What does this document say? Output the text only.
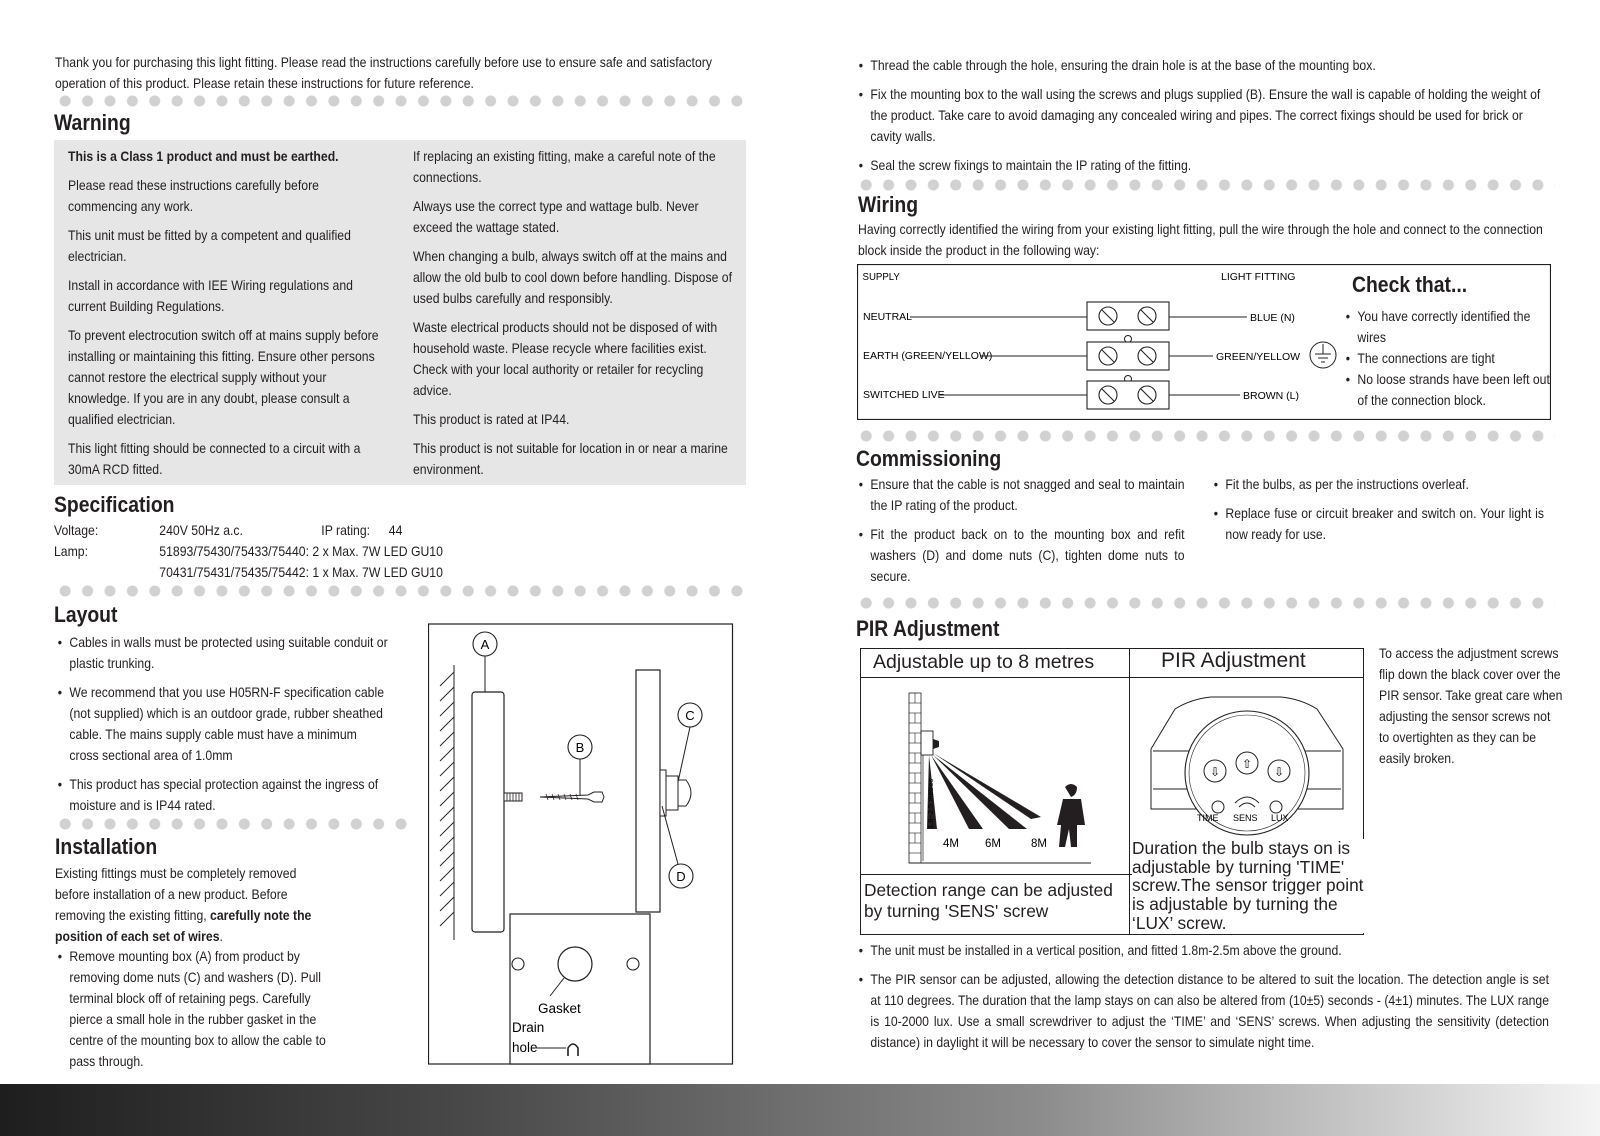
Thank you for purchasing this light fitting. Please read the instructions carefully before use to ensure safe and satisfactory operation of this product. Please retain these instructions for future reference.
Warning

This is a Class 1 product and must be earthed.

Please read these instructions carefully before commencing any work.

This unit must be fitted by a competent and qualified electrician.

Install in accordance with IEE Wiring regulations and current Building Regulations.

To prevent electrocution switch off at mains supply before installing or maintaining this fitting. Ensure other persons cannot restore the electrical supply without your knowledge. If you are in any doubt, please consult a qualified electrician.

This light fitting should be connected to a circuit with a 30mA RCD fitted.

If replacing an existing fitting, make a careful note of the connections.

Always use the correct type and wattage bulb. Never exceed the wattage stated.

When changing a bulb, always switch off at the mains and allow the old bulb to cool down before handling. Dispose of used bulbs carefully and responsibly.

Waste electrical products should not be disposed of with household waste. Please recycle where facilities exist. Check with your local authority or retailer for recycling advice.

This product is rated at IP44.

This product is not suitable for location in or near a marine environment.

Specification
Voltage:	240V 50Hz a.c.	IP rating: 44
Lamp:	51893/75430/75433/75440: 2 x Max. 7W LED GU10
70431/75431/75435/75442: 1 x Max. 7W LED GU10
Layout
• Cables in walls must be protected using suitable conduit or plastic trunking.
• We recommend that you use H05RN-F specification cable (not supplied) which is an outdoor grade, rubber sheathed cable. The mains supply cable must have a minimum cross sectional area of 1.0mm
• This product has special protection against the ingress of moisture and is IP44 rated.
Installation
Existing fittings must be completely removed before installation of a new product. Before removing the existing fitting, carefully note the position of each set of wires.
• Remove mounting box (A) from product by removing dome nuts (C) and washers (D). Pull terminal block off of retaining pegs. Carefully pierce a small hole in the rubber gasket in the centre of the mounting box to allow the cable to pass through.
A
B
C
D
Gasket
Drain
hole
• Thread the cable through the hole, ensuring the drain hole is at the base of the mounting box.
• Fix the mounting box to the wall using the screws and plugs supplied (B). Ensure the wall is capable of holding the weight of the product. Take care to avoid damaging any concealed wiring and pipes. The correct fixings should be used for brick or cavity walls.
• Seal the screw fixings to maintain the IP rating of the fitting.
Wiring
Having correctly identified the wiring from your existing light fitting, pull the wire through the hole and connect to the connection block inside the product in the following way:
SUPPLY	LIGHT FITTING
NEUTRAL	BLUE (N)
EARTH (GREEN/YELLOW)	GREEN/YELLOW
SWITCHED LIVE	BROWN (L)
Check that...
• You have correctly identified the wires
• The connections are tight
• No loose strands have been left out of the connection block.
Commissioning
• Ensure that the cable is not snagged and seal to maintain the IP rating of the product.
• Fit the product back on to the mounting box and refit washers (D) and dome nuts (C), tighten dome nuts to secure.
• Fit the bulbs, as per the instructions overleaf.
• Replace fuse or circuit breaker and switch on. Your light is now ready for use.
PIR Adjustment
Adjustable up to 8 metres	PIR Adjustment
Detection range can be adjusted by turning 'SENS' screw
Duration the bulb stays on is adjustable by turning 'TIME' screw.The sensor trigger point is adjustable by turning the ‘LUX’ screw.
1.8~2.5 metres
4M 6M	8M
⇩
⇧
⇩
TIME SENS LUX
To access the adjustment screws flip down the black cover over the PIR sensor. Take great care when adjusting the sensor screws not to overtighten as they can be easily broken.
• The unit must be installed in a vertical position, and fitted 1.8m-2.5m above the ground.
• The PIR sensor can be adjusted, allowing the detection distance to be altered to suit the location. The detection angle is set at 110 degrees. The duration that the lamp stays on can also be altered from (10±5) seconds - (4±1) minutes. The LUX range is 10-2000 lux. Use a small screwdriver to adjust the ‘TIME’ and ‘SENS’ screws. When adjusting the sensitivity (detection distance) in daylight it will be necessary to cover the sensor to simulate night time.
